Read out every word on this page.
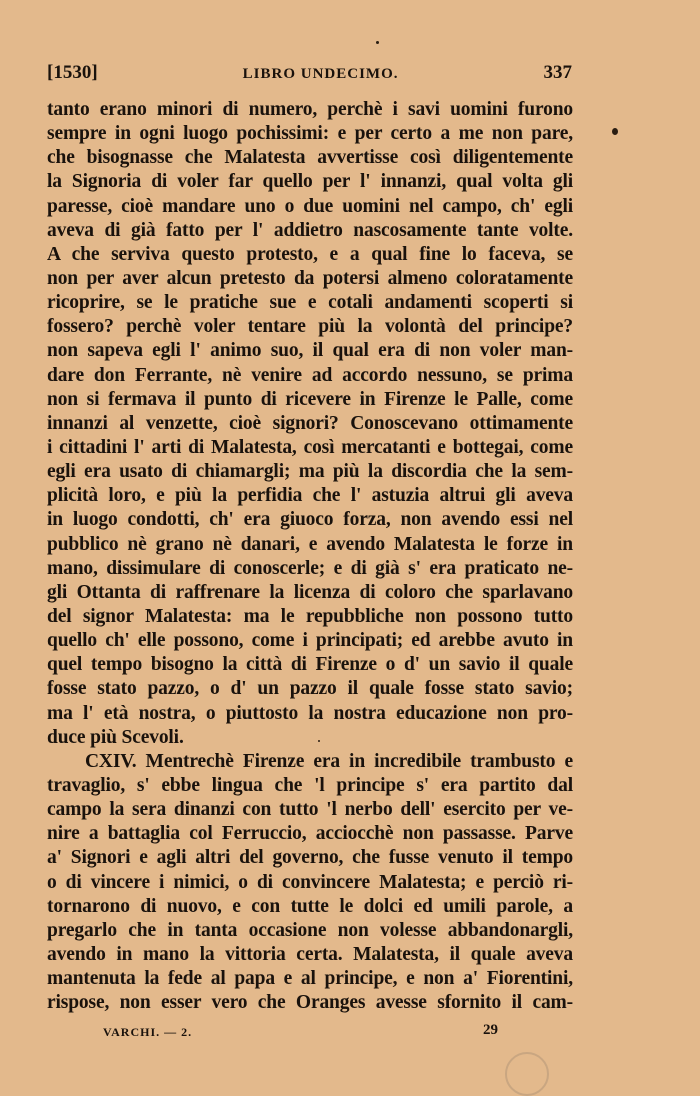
[1530]	LIBRO UNDECIMO.	337
tanto erano minori di numero, perchè i savi uomini furono
sempre in ogni luogo pochissimi: e per certo a me non pare,
che bisognasse che Malatesta avvertisse così diligentemente
la Signoria di voler far quello per l' innanzi, qual volta gli
paresse, cioè mandare uno o due uomini nel campo, ch' egli
aveva di già fatto per l' addietro nascosamente tante volte.
A che serviva questo protesto, e a qual fine lo faceva, se
non per aver alcun pretesto da potersi almeno coloratamente
ricoprire, se le pratiche sue e cotali andamenti scoperti si
fossero? perchè voler tentare più la volontà del principe?
non sapeva egli l' animo suo, il qual era di non voler man-
dare don Ferrante, nè venire ad accordo nessuno, se prima
non si fermava il punto di ricevere in Firenze le Palle, come
innanzi al venzette, cioè signori? Conoscevano ottimamente
i cittadini l' arti di Malatesta, così mercatanti e bottegai, come
egli era usato di chiamargli; ma più la discordia che la sem-
plicità loro, e più la perfidia che l' astuzia altrui gli aveva
in luogo condotti, ch' era giuoco forza, non avendo essi nel
pubblico nè grano nè danari, e avendo Malatesta le forze in
mano, dissimulare di conoscerle; e di già s' era praticato ne-
gli Ottanta di raffrenare la licenza di coloro che sparlavano
del signor Malatesta: ma le repubbliche non possono tutto
quello ch' elle possono, come i principati; ed arebbe avuto in
quel tempo bisogno la città di Firenze o d' un savio il quale
fosse stato pazzo, o d' un pazzo il quale fosse stato savio;
ma l' età nostra, o piuttosto la nostra educazione non pro-
duce più Scevoli.
CXIV. Mentrechè Firenze era in incredibile trambusto e
travaglio, s' ebbe lingua che 'l principe s' era partito dal
campo la sera dinanzi con tutto 'l nerbo dell' esercito per ve-
nire a battaglia col Ferruccio, acciocchè non passasse. Parve
a' Signori e agli altri del governo, che fusse venuto il tempo
o di vincere i nimici, o di convincere Malatesta; e perciò ri-
tornarono di nuovo, e con tutte le dolci ed umili parole, a
pregarlo che in tanta occasione non volesse abbandonargli,
avendo in mano la vittoria certa. Malatesta, il quale aveva
mantenuta la fede al papa e al principe, e non a' Fiorentini,
rispose, non esser vero che Oranges avesse sfornito il cam-
VARCHI. — 2.	29
